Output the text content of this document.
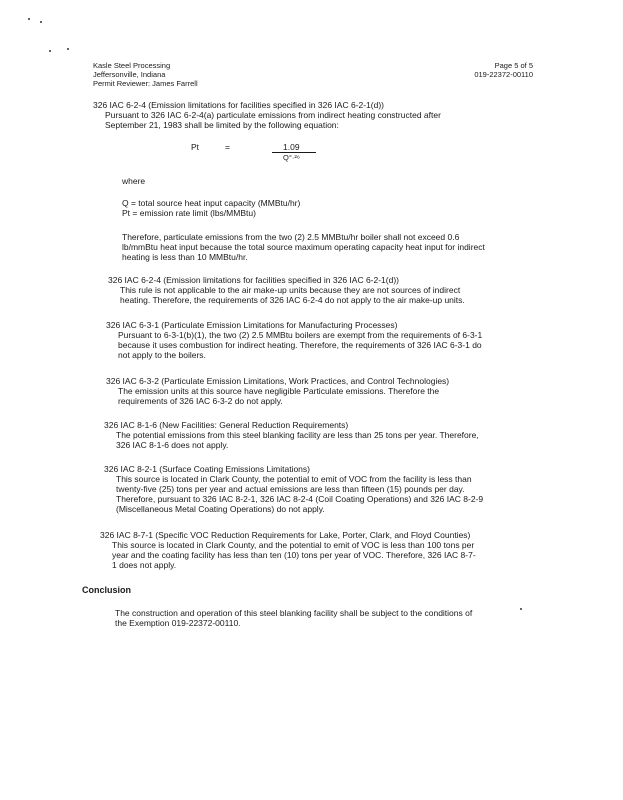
Kasle Steel Processing
Jeffersonville, Indiana
Permit Reviewer: James Farrell
Page 5 of 5
019-22372-00110
326 IAC 6-2-4 (Emission limitations for facilities specified in 326 IAC 6-2-1(d))
Pursuant to 326 IAC 6-2-4(a) particulate emissions from indirect heating constructed after
September 21, 1983 shall be limited by the following equation:
Pt	=	1.09
Q°·²⁶
where
Q = total source heat input capacity (MMBtu/hr)
Pt = emission rate limit (lbs/MMBtu)
Therefore, particulate emissions from the two (2) 2.5 MMBtu/hr boiler shall not exceed 0.6
lb/mmBtu heat input because the total source maximum operating capacity heat input for indirect
heating is less than 10 MMBtu/hr.
326 IAC 6-2-4 (Emission limitations for facilities specified in 326 IAC 6-2-1(d))
This rule is not applicable to the air make-up units because they are not sources of indirect
heating. Therefore, the requirements of 326 IAC 6-2-4 do not apply to the air make-up units.
326 IAC 6-3-1 (Particulate Emission Limitations for Manufacturing Processes)
Pursuant to 6-3-1(b)(1), the two (2) 2.5 MMBtu boilers are exempt from the requirements of 6-3-1
because it uses combustion for indirect heating. Therefore, the requirements of 326 IAC 6-3-1 do
not apply to the boilers.
326 IAC 6-3-2 (Particulate Emission Limitations, Work Practices, and Control Technologies)
The emission units at this source have negligible Particulate emissions. Therefore the
requirements of 326 IAC 6-3-2 do not apply.
326 IAC 8-1-6 (New Facilities: General Reduction Requirements)
The potential emissions from this steel blanking facility are less than 25 tons per year. Therefore,
326 IAC 8-1-6 does not apply.
326 IAC 8-2-1 (Surface Coating Emissions Limitations)
This source is located in Clark County, the potential to emit of VOC from the facility is less than
twenty-five (25) tons per year and actual emissions are less than fifteen (15) pounds per day.
Therefore, pursuant to 326 IAC 8-2-1, 326 IAC 8-2-4 (Coil Coating Operations) and 326 IAC 8-2-9
(Miscellaneous Metal Coating Operations) do not apply.
326 IAC 8-7-1 (Specific VOC Reduction Requirements for Lake, Porter, Clark, and Floyd Counties)
This source is located in Clark County, and the potential to emit of VOC is less than 100 tons per
year and the coating facility has less than ten (10) tons per year of VOC. Therefore, 326 IAC 8-7-
1 does not apply.
Conclusion
The construction and operation of this steel blanking facility shall be subject to the conditions of
the Exemption 019-22372-00110.
